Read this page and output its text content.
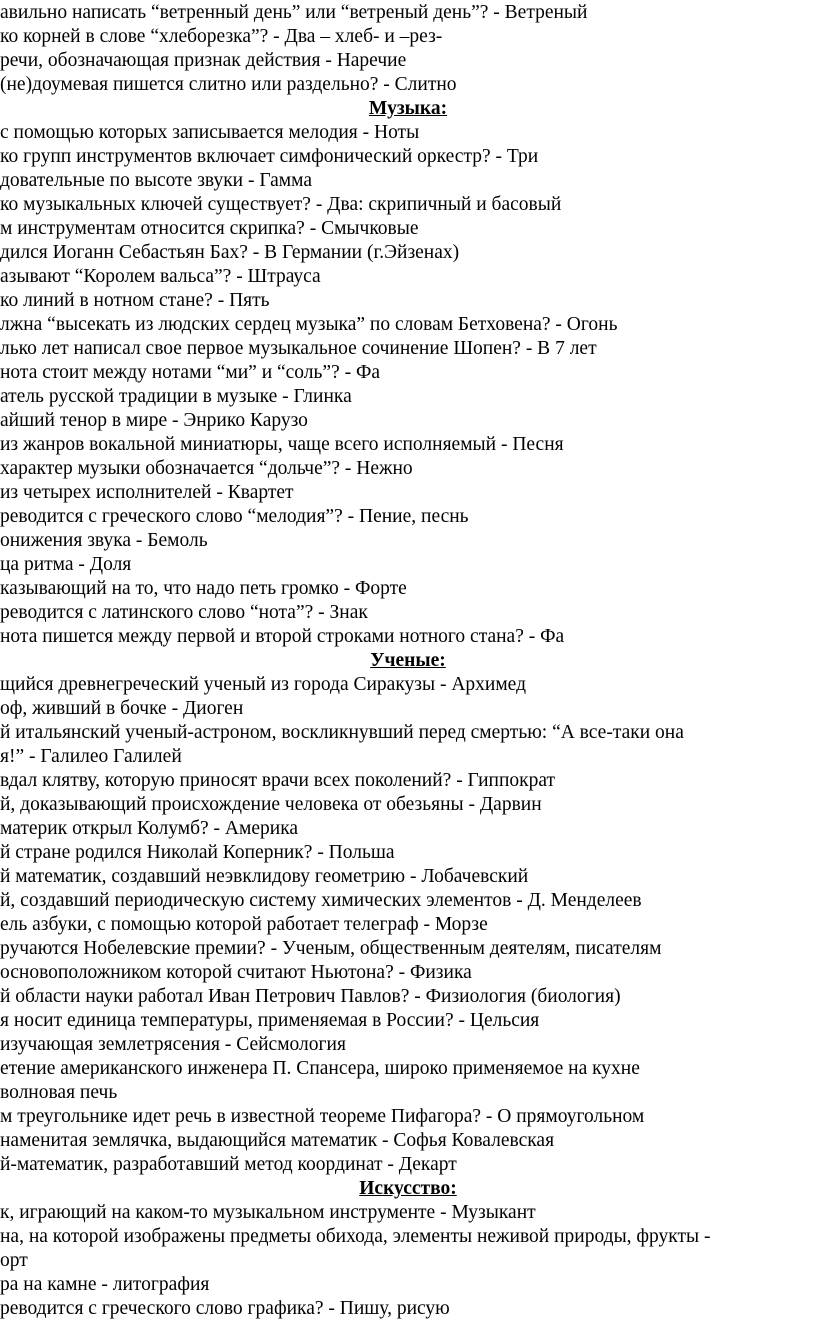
авильно написать “ветренный день” или “ветреный день”? - Ветреный
ко корней в слове “хлеборезка”? - Два – хлеб- и –рез-
речи, обозначающая признак действия - Наречие
(не)доумевая пишется слитно или раздельно? - Слитно
Музыка:
с помощью которых записывается мелодия - Ноты
ко групп инструментов включает симфонический оркестр? - Три
довательные по высоте звуки - Гамма
ко музыкальных ключей существует? - Два: скрипичный и басовый
м инструментам относится скрипка? - Смычковые
дился Иоганн Себастьян Бах? - В Германии (г.Эйзенах)
азывают “Королем вальса”? - Штрауса
ко линий в нотном стане? - Пять
лжна “высекать из людских сердец музыка” по словам Бетховена? - Огонь
лько лет написал свое первое музыкальное сочинение Шопен? - В 7 лет
нота стоит между нотами “ми” и “соль”? - Фа
атель русской традиции в музыке - Глинка
айший тенор в мире - Энрико Карузо
из жанров вокальной миниатюры, чаще всего исполняемый - Песня
характер музыки обозначается “дольче”? - Нежно
из четырех исполнителей - Квартет
реводится с греческого слово “мелодия”? - Пение, песнь
онижения звука - Бемоль
ца ритма - Доля
казывающий на то, что надо петь громко - Форте
реводится с латинского слово “нота”? - Знак
нота пишется между первой и второй строками нотного стана? - Фа
Ученые:
щийся древнегреческий ученый из города Сиракузы - Архимед
оф, живший в бочке - Диоген
й итальянский ученый-астроном, воскликнувший перед смертью: “А все-таки она
я!” - Галилео Галилей
вдал клятву, которую приносят врачи всех поколений? - Гиппократ
й, доказывающий происхождение человека от обезьяны - Дарвин
материк открыл Колумб? - Америка
й стране родился Николай Коперник? - Польша
й математик, создавший неэвклидову геометрию - Лобачевский
й, создавший периодическую систему химических элементов - Д. Менделеев
ель азбуки, с помощью которой работает телеграф - Морзе
ручаются Нобелевские премии? - Ученым, общественным деятелям, писателям
основоположником которой считают Ньютона? - Физика
й области науки работал Иван Петрович Павлов? - Физиология (биология)
я носит единица температуры, применяемая в России? - Цельсия
изучающая землетрясения - Сейсмология
етение американского инженера П. Спансера, широко применяемое на кухне
волновая печь
м треугольнике идет речь в известной теореме Пифагора? - О прямоугольном
наменитая землячка, выдающийся математик - Софья Ковалевская
й-математик, разработавший метод координат - Декарт
Искусство:
к, играющий на каком-то музыкальном инструменте - Музыкант
на, на которой изображены предметы обихода, элементы неживой природы, фрукты -
орт
ра на камне - литография
реводится с греческого слово графика? - Пишу, рисую
